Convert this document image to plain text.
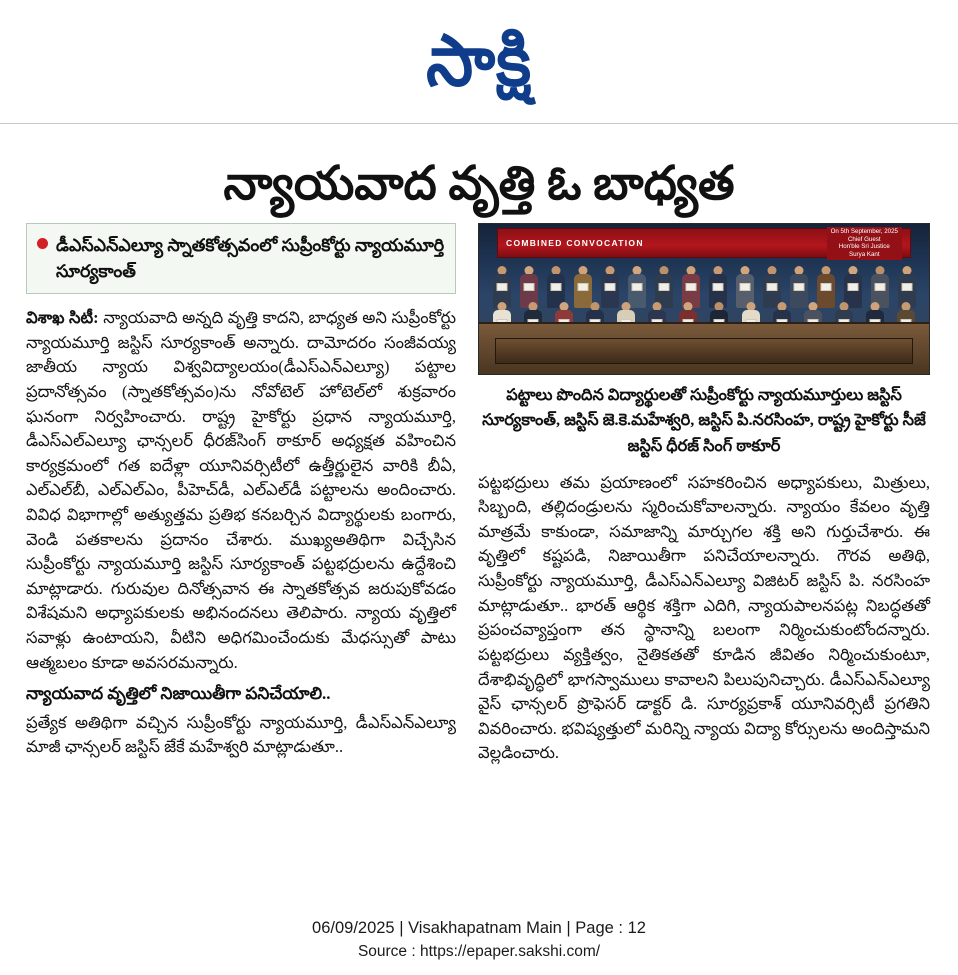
సాక్షి
న్యాయవాద వృత్తి ఓ బాధ్యత
డీఎస్ఎన్ఎల్యూ స్నాతకోత్సవంలో సుప్రీంకోర్టు న్యాయమూర్తి సూర్యకాంత్

విశాఖ సిటీ: న్యాయవాది అన్నది వృత్తి కాదని, బాధ్యత అని సుప్రీంకోర్టు న్యాయమూర్తి జస్టిస్ సూర్యకాంత్ అన్నారు. దామోదరం సంజీవయ్య జాతీయ న్యాయ విశ్వవిద్యాలయం(డీఎస్ఎన్ఎల్యూ) పట్టాల ప్రదానోత్సవం (స్నాతకోత్సవం)ను నోవోటెల్ హోటెల్‌లో శుక్రవారం ఘనంగా నిర్వహించారు. రాష్ట్ర హైకోర్టు ప్రధాన న్యాయమూర్తి, డీఎస్ఎల్ఎల్యూ ఛాన్సలర్ ధీరజ్‌సింగ్ ఠాకూర్ అధ్యక్షత వహించిన కార్యక్రమంలో గత ఐదేళ్లా యూనివర్సిటీలో ఉత్తీర్ణులైన వారికి బీఏ, ఎల్ఎల్‌బీ, ఎల్ఎల్ఎం, పీహెచ్‌డీ, ఎల్ఎల్‌డీ పట్టాలను అందించారు. వివిధ విభాగాల్లో అత్యుత్తమ ప్రతిభ కనబర్చిన విద్యార్థులకు బంగారు, వెండి పతకాలను ప్రదానం చేశారు. ముఖ్యఅతిథిగా విచ్చేసిన సుప్రీంకోర్టు న్యాయమూర్తి జస్టిస్ సూర్యకాంత్ పట్టభద్రులను ఉద్దేశించి మాట్లాడారు. గురువుల దినోత్సవాన ఈ స్నాతకోత్సవ జరుపుకోవడం విశేషమని అధ్యాపకులకు అభినందనలు తెలిపారు. న్యాయ వృత్తిలో సవాళ్లు ఉంటాయని, వీటిని అధిగమించేందుకు మేధస్సుతో పాటు ఆత్మబలం కూడా అవసరమన్నారు.

న్యాయవాద వృత్తిలో నిజాయితీగా పనిచేయాలి..

ప్రత్యేక అతిథిగా వచ్చిన సుప్రీంకోర్టు న్యాయమూర్తి, డీఎస్ఎన్ఎల్యూ మాజీ ఛాన్సలర్ జస్టిస్ జేకే మహేశ్వరి మాట్లాడుతూ..

COMBINED CONVOCATION
On 5th September, 2025
Chief Guest
Hon'ble Sri Justice
Surya Kant
పట్టాలు పొందిన విద్యార్థులతో సుప్రీంకోర్టు న్యాయమూర్తులు జస్టిస్ సూర్యకాంత్, జస్టిస్ జె.కె.మహేశ్వరి, జస్టిస్ పి.నరసింహ, రాష్ట్ర హైకోర్టు సీజే జస్టిస్ ధీరజ్ సింగ్ ఠాకూర్

పట్టభద్రులు తమ ప్రయాణంలో సహకరించిన అధ్యాపకులు, మిత్రులు, సిబ్బంది, తల్లిదండ్రులను స్మరించుకోవాలన్నారు. న్యాయం కేవలం వృత్తి మాత్రమే కాకుండా, సమాజాన్ని మార్చుగల శక్తి అని గుర్తుచేశారు. ఈ వృత్తిలో కష్టపడి, నిజాయితీగా పనిచేయాలన్నారు. గౌరవ అతిథి, సుప్రీంకోర్టు న్యాయమూర్తి, డీఎస్ఎన్ఎల్యూ విజిటర్ జస్టిస్ పి. నరసింహ మాట్లాడుతూ.. భారత్ ఆర్థిక శక్తిగా ఎదిగి, న్యాయపాలనపట్ల నిబద్ధతతో ప్రపంచవ్యాప్తంగా తన స్థానాన్ని బలంగా నిర్మించుకుంటోందన్నారు. పట్టభద్రులు వ్యక్తిత్వం, నైతికతతో కూడిన జీవితం నిర్మించుకుంటూ, దేశాభివృద్ధిలో భాగస్వాములు కావాలని పిలుపునిచ్చారు. డీఎస్ఎన్ఎల్యూ వైస్ ఛాన్సలర్ ప్రొఫెసర్ డాక్టర్ డి. సూర్యప్రకాశ్ యూనివర్సిటీ ప్రగతిని వివరించారు. భవిష్యత్తులో మరిన్ని న్యాయ విద్యా కోర్సులను అందిస్తామని వెల్లడించారు.

06/09/2025 | Visakhapatnam Main | Page : 12
Source : https://epaper.sakshi.com/
